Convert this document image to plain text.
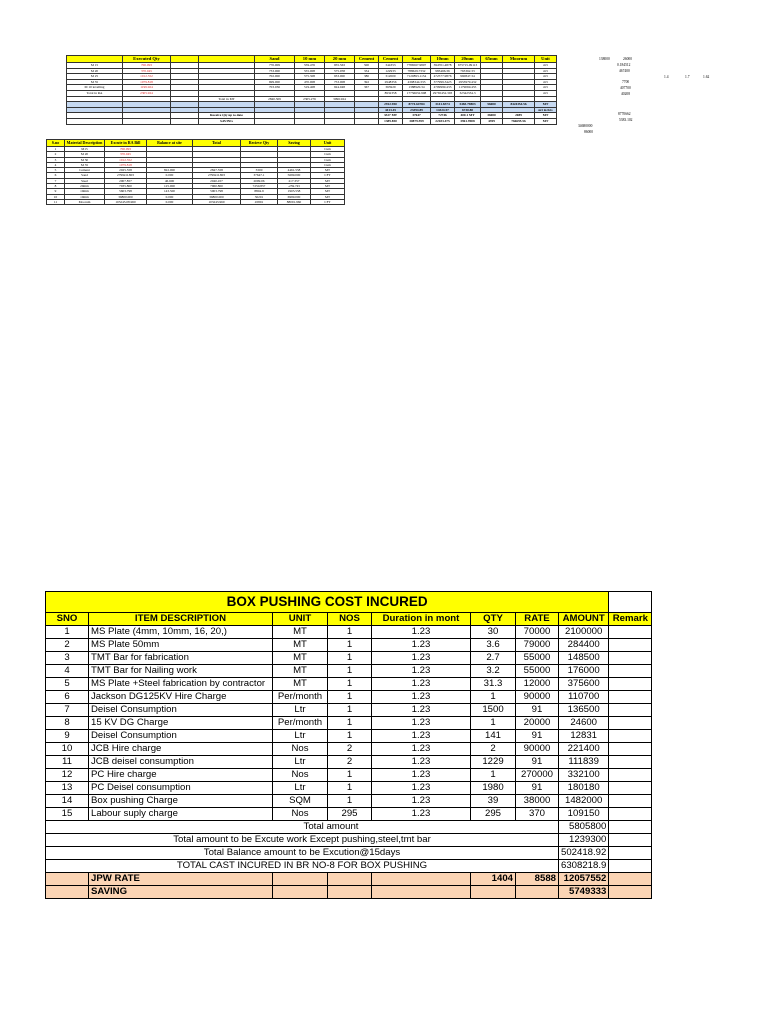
	Executed Qty			Sand	10 mm	20 mm	Cement	Cement	Sand	10mm	20mm	65mm	Moorum	Unit
M 15	700.093			770.009	559.476	955.563	500	344353	7786567.9807	394701.4878	675715.09113			m3
M 20	370.045			733.000	555.008	575.058	334	122933	788629.7332	983466.36	763362.33			m3
M 25	1012.352			702.000	575.308	933.000	380	312000	7120893.1134	472577.9876	960847.34			m3
M 35	1079.818			699.000	470.008	753.008	392	2948356	4398344.333	377999.3423	2953979.432			m3
M 10 levelling	1199.924			703.036	519.408	924.048	367	363929	1388920.34	4709999.433	1179069.455			m3
Total in RA	2305.924							8932358	17756632.908	29765452.393	32342334.3			m3
			Total in MT	2840.309	2305.276	3096.924								
								2912.950	8774.64784	3141.8374	5483.79803	56000	8424354.56	MT
								4413.45	23394.89	14324.57	6730.88			m3 in KG
			Receive Qty up to date					3327 MT	37647	72746	400.1 MT	36000	2089	MT
			SAVING					1389.850	30879.599	22183.475	3961.9908	4399	766695.56	MT
138000	26000
0.184512
467400
1.4	1.7	1.62
7700
407700
40208
8770662
5383.102
34680000
86000
S.no	Material Description	Excute in RA Bill	Balance at site	Total	Recieve Qty	Saving	Unit
1	M15	700.093					Cum
2	M 20	370.045					Cum
3	M 30	1012.352					Cum
4	M 35	1079.818					Cum
5	Cement	2025.558	822.000	2847.558	3300	4461.558	MT
6	Sand	27992.6.803	0.000	27992.6.803	37647.1	5699.000	CFT
7	Steel	2007.857	46.600	2040.457	2099.06	217.357	MT
8	20mm	7935.800	125.000	7960.800	7250.857	-259.745	MT
9	10mm	5603.798	143.500	5903.798	8804.9	1903.558	MT
10	10mm	36800.000	0.000	36800.000	30201	6999.000	MT
11	Moorum	103243.08.960	0.000	103243.960	45891	88091.960	CFT
BOX PUSHING COST INCURED								
SNO	ITEM DESCRIPTION	UNIT	NOS	Duration in mont	QTY	RATE	AMOUNT	Remark
1	MS Plate (4mm, 10mm, 16, 20,)	MT	1	1.23	30	70000	2100000	
2	MS Plate 50mm	MT	1	1.23	3.6	79000	284400	
3	TMT Bar for fabrication	MT	1	1.23	2.7	55000	148500	
4	TMT Bar for Nailing work	MT	1	1.23	3.2	55000	176000	
5	MS Plate +Steel fabrication by contractor	MT	1	1.23	31.3	12000	375600	
6	Jackson DG125KV Hire Charge	Per/month	1	1.23	1	90000	110700	
7	Deisel Consumption	Ltr	1	1.23	1500	91	136500	
8	15 KV DG Charge	Per/month	1	1.23	1	20000	24600	
9	Deisel Consumption	Ltr	1	1.23	141	91	12831	
10	JCB Hire charge	Nos	2	1.23	2	90000	221400	
11	JCB deisel consumption	Ltr	2	1.23	1229	91	111839	
12	PC Hire charge	Nos	1	1.23	1	270000	332100	
13	PC Deisel consumption	Ltr	1	1.23	1980	91	180180	
14	Box pushing Charge	SQM	1	1.23	39	38000	1482000	
15	Labour suply charge	Nos	295	1.23	295	370	109150	
Total amount							5805800	
Total amount to be Excute work Except pushing,steel,tmt bar							1239300	
Total Balance amount to be Excution@15days							502418.92	
TOTAL CAST INCURED IN BR NO-8 FOR BOX PUSHING							6308218.9	
	JPW RATE				1404	8588	12057552	
	SAVING						5749333	
